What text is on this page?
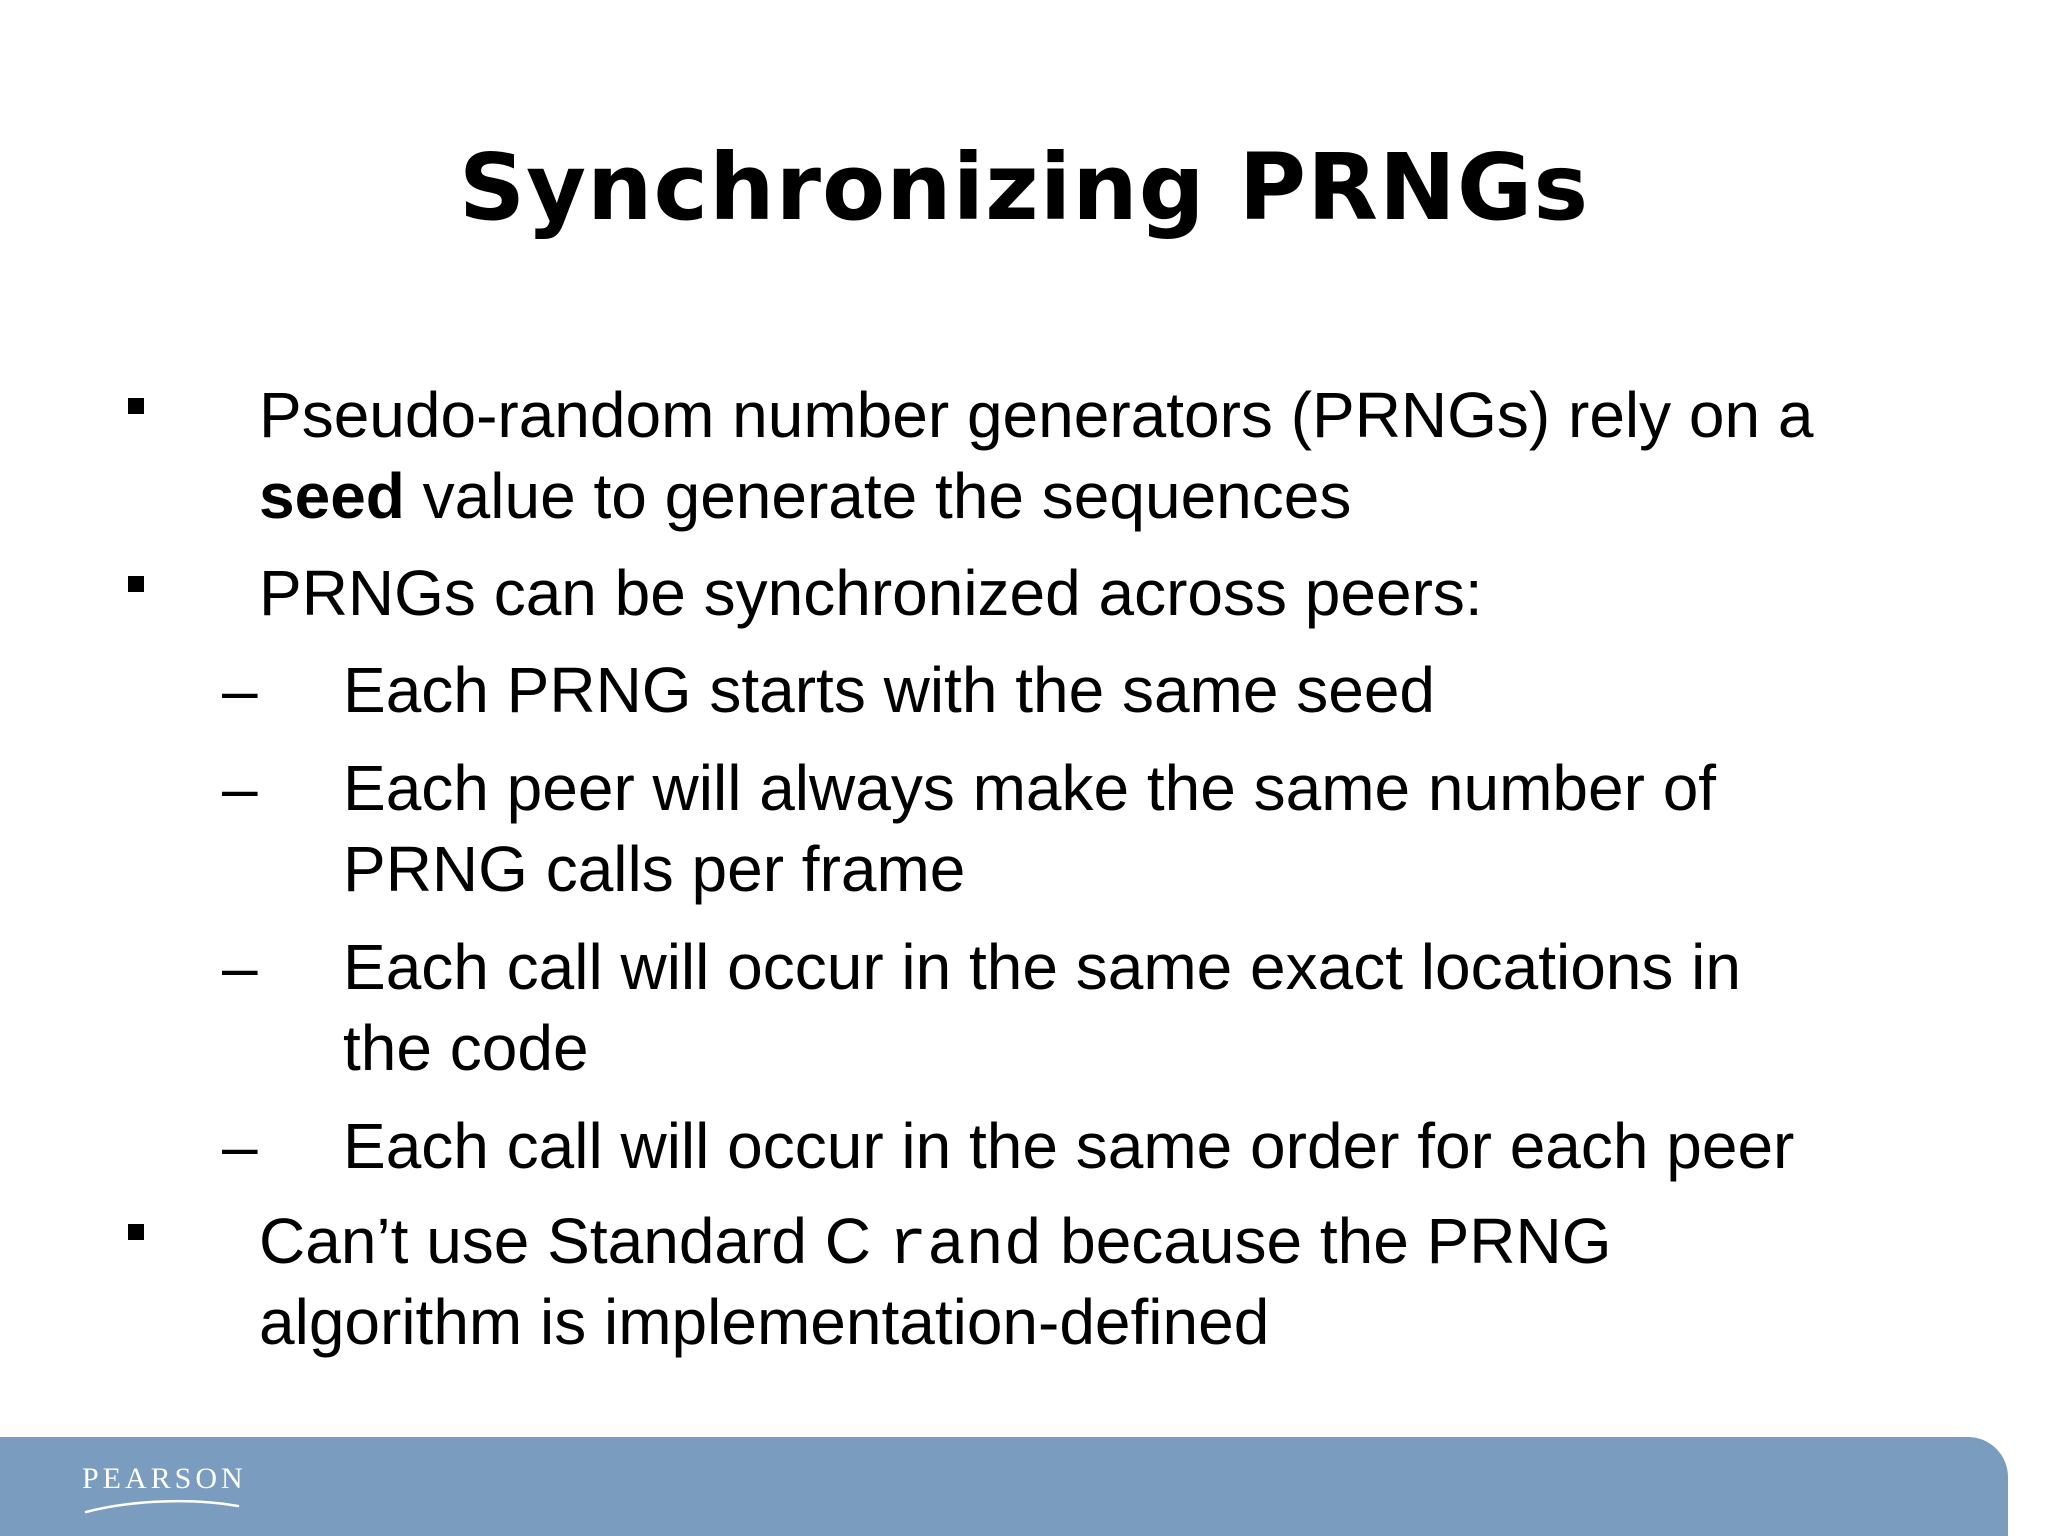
Synchronizing PRNGs
Pseudo-random number generators (PRNGs) rely on a
seed value to generate the sequences
PRNGs can be synchronized across peers:
– Each PRNG starts with the same seed
– Each peer will always make the same number of
PRNG calls per frame
– Each call will occur in the same exact locations in
the code
– Each call will occur in the same order for each peer
Can’t use Standard C rand because the PRNG
algorithm is implementation-defined
PEARSON
